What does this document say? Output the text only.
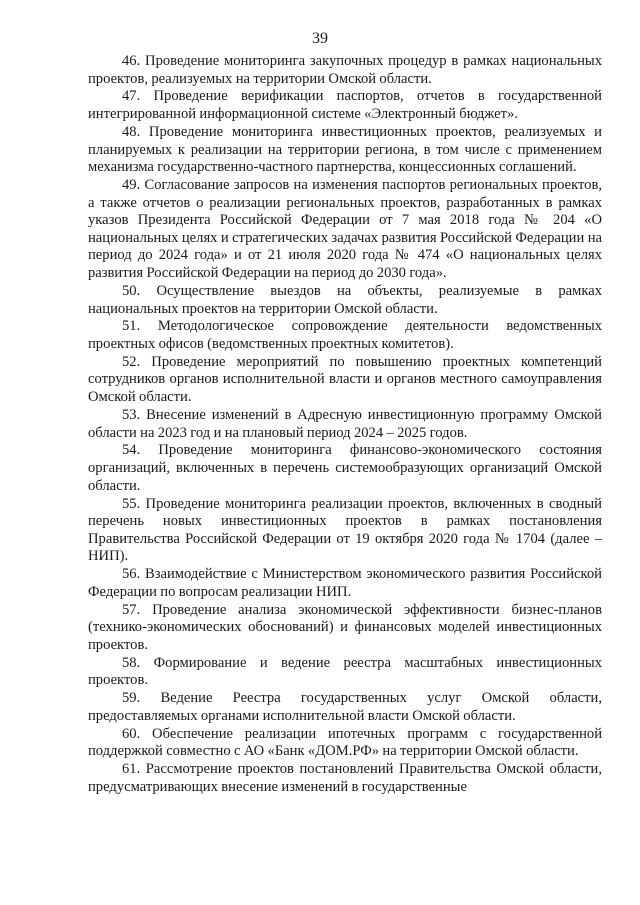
39

46. Проведение мониторинга закупочных процедур в рамках национальных проектов, реализуемых на территории Омской области.

47. Проведение верификации паспортов, отчетов в государственной интегрированной информационной системе «Электронный бюджет».

48. Проведение мониторинга инвестиционных проектов, реализуемых и планируемых к реализации на территории региона, в том числе с применением механизма государственно-частного партнерства, концессионных соглашений.

49. Согласование запросов на изменения паспортов региональных проектов, а также отчетов о реализации региональных проектов, разработанных в рамках указов Президента Российской Федерации от 7 мая 2018 года № 204 «О национальных целях и стратегических задачах развития Российской Федерации на период до 2024 года» и от 21 июля 2020 года № 474 «О национальных целях развития Российской Федерации на период до 2030 года».

50. Осуществление выездов на объекты, реализуемые в рамках национальных проектов на территории Омской области.

51. Методологическое сопровождение деятельности ведомственных проектных офисов (ведомственных проектных комитетов).

52. Проведение мероприятий по повышению проектных компетенций сотрудников органов исполнительной власти и органов местного самоуправления Омской области.

53. Внесение изменений в Адресную инвестиционную программу Омской области на 2023 год и на плановый период 2024 – 2025 годов.

54. Проведение мониторинга финансово-экономического состояния организаций, включенных в перечень системообразующих организаций Омской области.

55. Проведение мониторинга реализации проектов, включенных в сводный перечень новых инвестиционных проектов в рамках постановления Правительства Российской Федерации от 19 октября 2020 года № 1704 (далее – НИП).

56. Взаимодействие с Министерством экономического развития Российской Федерации по вопросам реализации НИП.

57. Проведение анализа экономической эффективности бизнес-планов (технико-экономических обоснований) и финансовых моделей инвестиционных проектов.

58. Формирование и ведение реестра масштабных инвестиционных проектов.

59. Ведение Реестра государственных услуг Омской области, предоставляемых органами исполнительной власти Омской области.

60. Обеспечение реализации ипотечных программ с государственной поддержкой совместно с АО «Банк «ДОМ.РФ» на территории Омской области.

61. Рассмотрение проектов постановлений Правительства Омской области, предусматривающих внесение изменений в государственные
